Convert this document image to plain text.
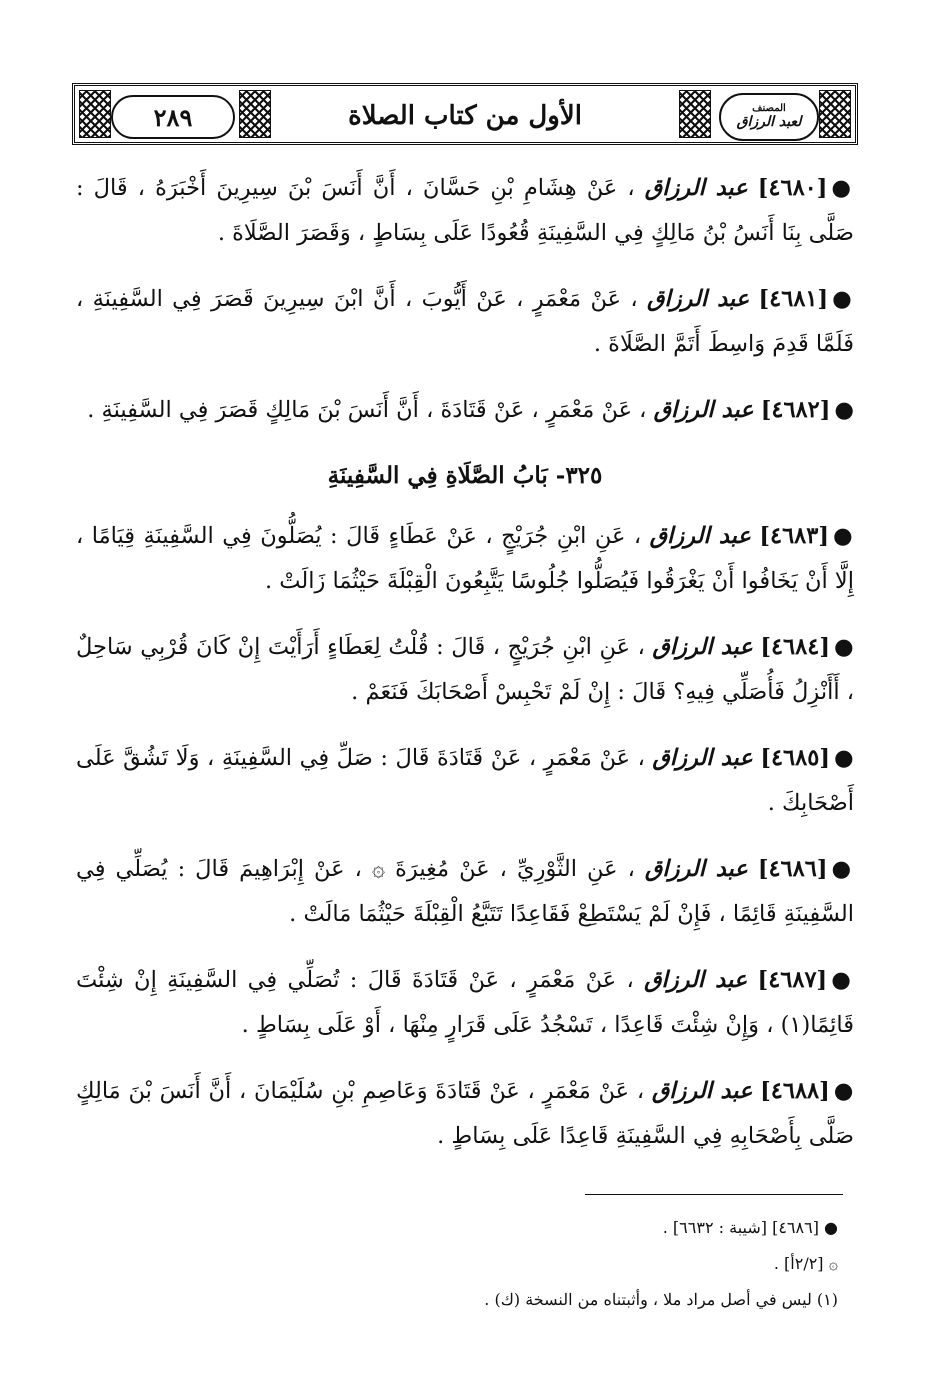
٢٨٩	الأول من كتاب الصلاة	المصنف
لعبد الرزاق

●[٤٦٨٠] عبد الرزاق ، عَنْ هِشَامِ بْنِ حَسَّانَ ، أَنَّ أَنَسَ بْنَ سِيرِينَ أَخْبَرَهُ ، قَالَ : صَلَّى بِنَا أَنَسُ بْنُ مَالِكٍ فِي السَّفِينَةِ قُعُودًا عَلَى بِسَاطٍ ، وَقَصَرَ الصَّلَاةَ .

●[٤٦٨١] عبد الرزاق ، عَنْ مَعْمَرٍ ، عَنْ أَيُّوبَ ، أَنَّ ابْنَ سِيرِينَ قَصَرَ فِي السَّفِينَةِ ، فَلَمَّا قَدِمَ وَاسِطَ أَتَمَّ الصَّلَاةَ .

●[٤٦٨٢] عبد الرزاق ، عَنْ مَعْمَرٍ ، عَنْ قَتَادَةَ ، أَنَّ أَنَسَ بْنَ مَالِكٍ قَصَرَ فِي السَّفِينَةِ .

٣٢٥- بَابُ الصَّلَاةِ فِي السَّفِينَةِ

●[٤٦٨٣] عبد الرزاق ، عَنِ ابْنِ جُرَيْجٍ ، عَنْ عَطَاءٍ قَالَ : يُصَلُّونَ فِي السَّفِينَةِ قِيَامًا ، إِلَّا أَنْ يَخَافُوا أَنْ يَغْرَقُوا فَيُصَلُّوا جُلُوسًا يَتَّبِعُونَ الْقِبْلَةَ حَيْثُمَا زَالَتْ .

●[٤٦٨٤] عبد الرزاق ، عَنِ ابْنِ جُرَيْجٍ ، قَالَ : قُلْتُ لِعَطَاءٍ أَرَأَيْتَ إِنْ كَانَ قُرْبِي سَاحِلٌ ، أَأَنْزِلُ فَأُصَلِّي فِيهِ؟ قَالَ : إِنْ لَمْ تَحْبِسْ أَصْحَابَكَ فَنَعَمْ .

●[٤٦٨٥] عبد الرزاق ، عَنْ مَعْمَرٍ ، عَنْ قَتَادَةَ قَالَ : صَلِّ فِي السَّفِينَةِ ، وَلَا تَشُقَّ عَلَى أَصْحَابِكَ .

●[٤٦٨٦] عبد الرزاق ، عَنِ الثَّوْرِيِّ ، عَنْ مُغِيرَةَ ۞ ، عَنْ إِبْرَاهِيمَ قَالَ : يُصَلِّي فِي السَّفِينَةِ قَائِمًا ، فَإِنْ لَمْ يَسْتَطِعْ فَقَاعِدًا تَتَبَّعُ الْقِبْلَةَ حَيْثُمَا مَالَتْ .

●[٤٦٨٧] عبد الرزاق ، عَنْ مَعْمَرٍ ، عَنْ قَتَادَةَ قَالَ : تُصَلِّي فِي السَّفِينَةِ إِنْ شِئْتَ قَائِمًا(١) ، وَإِنْ شِئْتَ قَاعِدًا ، تَسْجُدُ عَلَى قَرَارٍ مِنْهَا ، أَوْ عَلَى بِسَاطٍ .

●[٤٦٨٨] عبد الرزاق ، عَنْ مَعْمَرٍ ، عَنْ قَتَادَةَ وَعَاصِمِ بْنِ سُلَيْمَانَ ، أَنَّ أَنَسَ بْنَ مَالِكٍ صَلَّى بِأَصْحَابِهِ فِي السَّفِينَةِ قَاعِدًا عَلَى بِسَاطٍ .

● [٤٦٨٦] [شيبة : ٦٦٣٢] .
۞ [٢/٢أ] .
(١) ليس في أصل مراد ملا ، وأثبتناه من النسخة (ك) .
